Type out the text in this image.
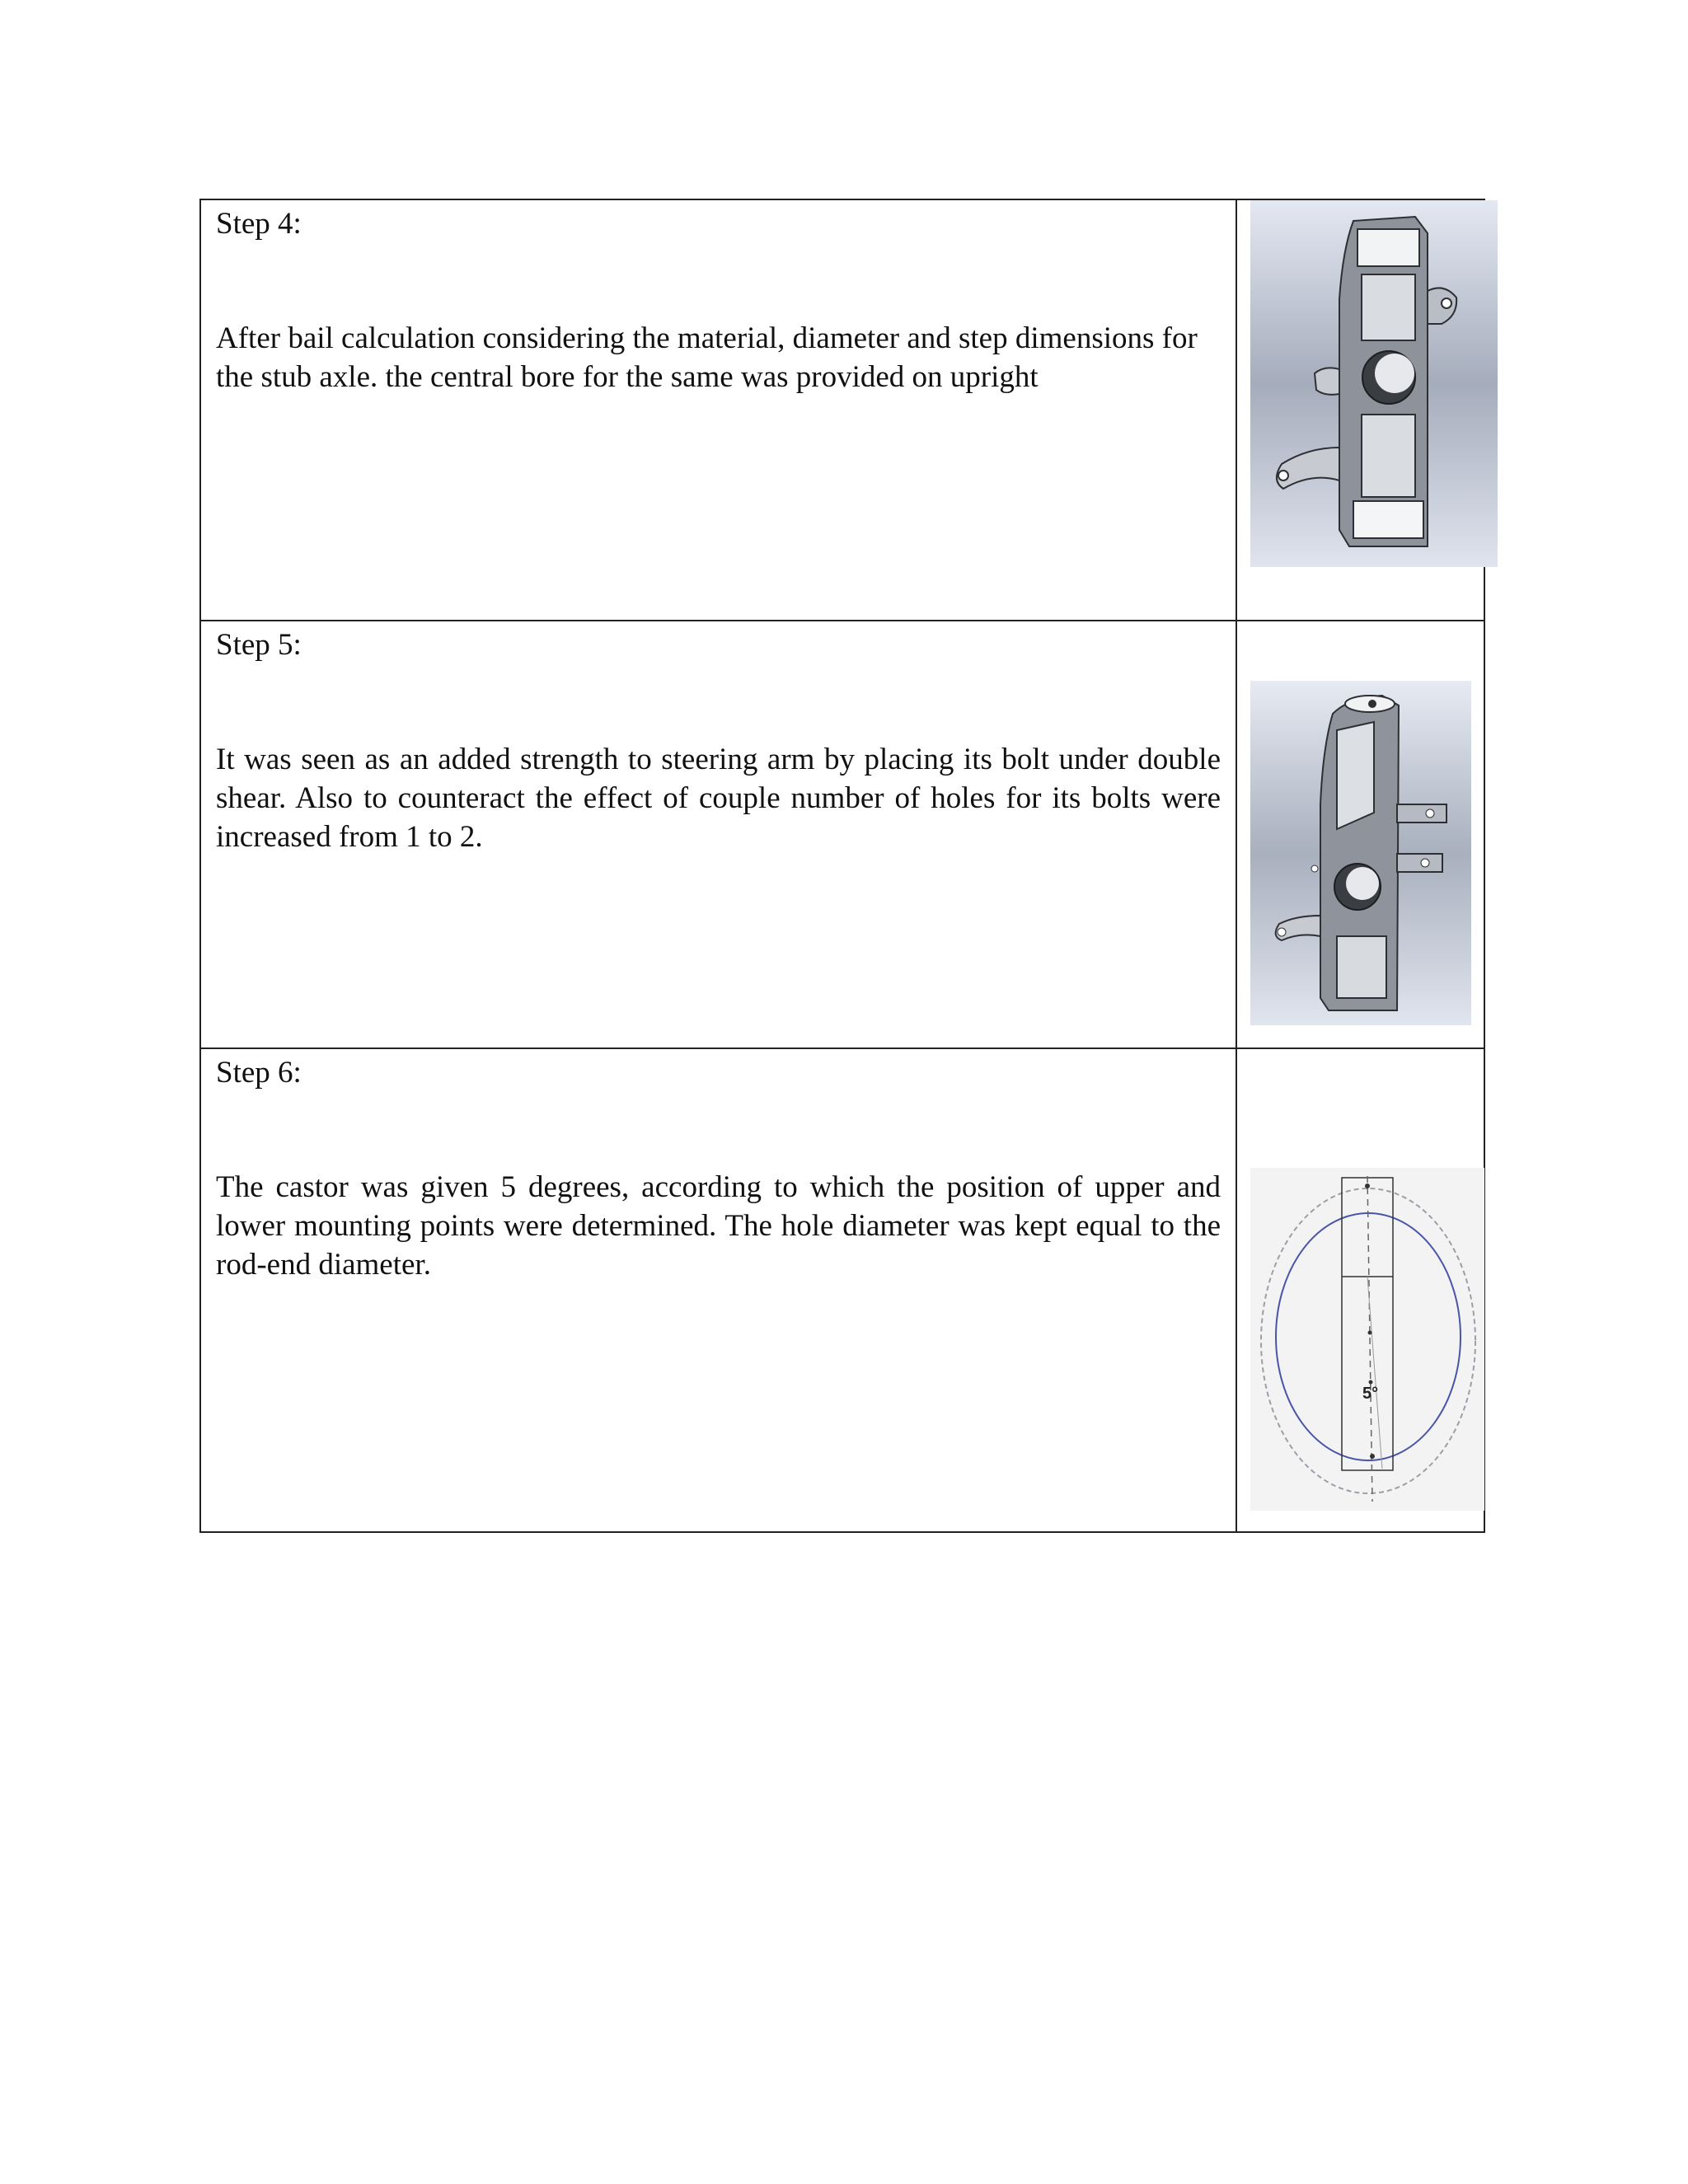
Step 4:

After bail calculation considering the material, diameter and step dimensions for the stub axle. the central bore for the same was provided on upright

Step 5:

It was seen as an added strength to steering arm by placing its bolt under double shear. Also to counteract the effect of couple number of holes for its bolts were increased from 1 to 2.

Step 6:

The castor was given 5 degrees, according to which the position of upper and lower mounting points were determined. The hole diameter was kept equal to the rod-end diameter.	5°
